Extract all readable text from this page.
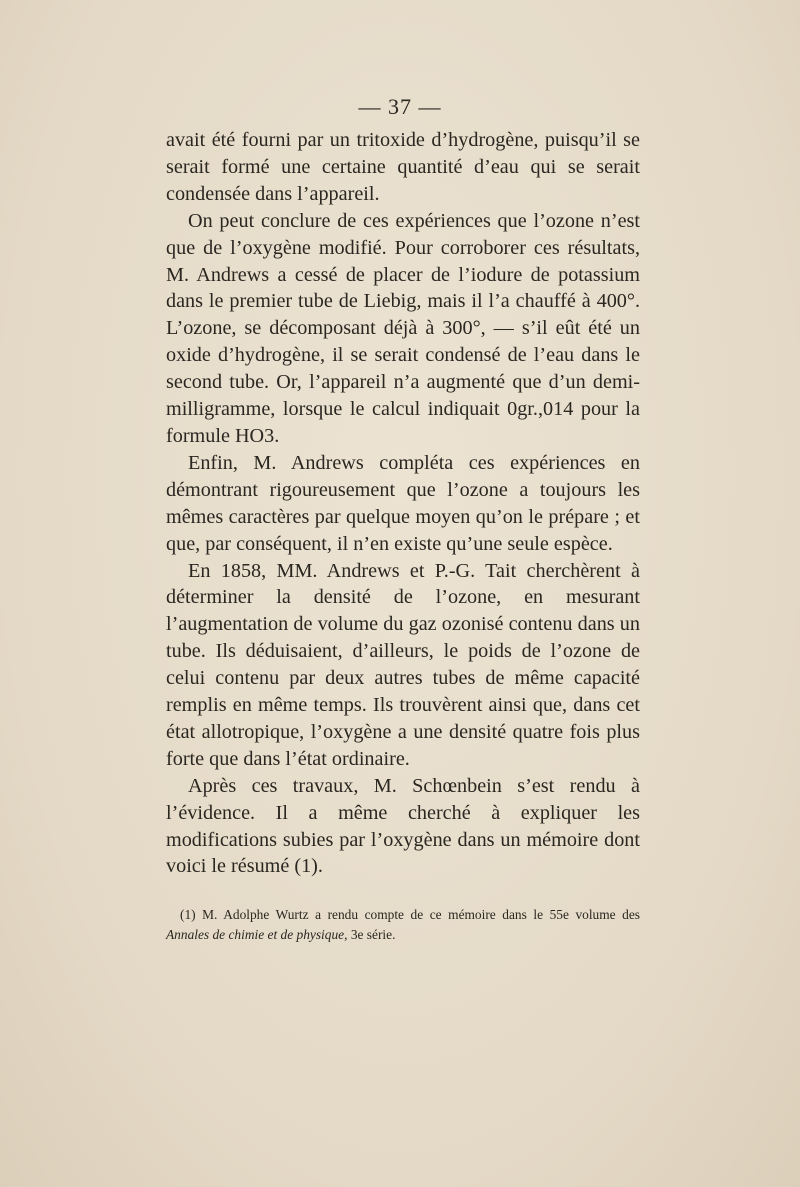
— 37 —

avait été fourni par un tritoxide d’hydrogène, puisqu’il se serait formé une certaine quantité d’eau qui se serait condensée dans l’appareil.

On peut conclure de ces expériences que l’ozone n’est que de l’oxygène modifié. Pour corroborer ces résultats, M. Andrews a cessé de placer de l’iodure de potassium dans le premier tube de Liebig, mais il l’a chauffé à 400°. L’ozone, se décomposant déjà à 300°, — s’il eût été un oxide d’hydrogène, il se serait condensé de l’eau dans le second tube. Or, l’appareil n’a augmenté que d’un demi-milligramme, lorsque le calcul indiquait 0gr.,014 pour la formule HO3.

Enfin, M. Andrews compléta ces expériences en démontrant rigoureusement que l’ozone a toujours les mêmes caractères par quelque moyen qu’on le prépare ; et que, par conséquent, il n’en existe qu’une seule espèce.

En 1858, MM. Andrews et P.-G. Tait cherchèrent à déterminer la densité de l’ozone, en mesurant l’augmentation de volume du gaz ozonisé contenu dans un tube. Ils déduisaient, d’ailleurs, le poids de l’ozone de celui contenu par deux autres tubes de même capacité remplis en même temps. Ils trouvèrent ainsi que, dans cet état allotropique, l’oxygène a une densité quatre fois plus forte que dans l’état ordinaire.

Après ces travaux, M. Schœnbein s’est rendu à l’évidence. Il a même cherché à expliquer les modifications subies par l’oxygène dans un mémoire dont voici le résumé (1).

(1) M. Adolphe Wurtz a rendu compte de ce mémoire dans le 55e volume des Annales de chimie et de physique, 3e série.
